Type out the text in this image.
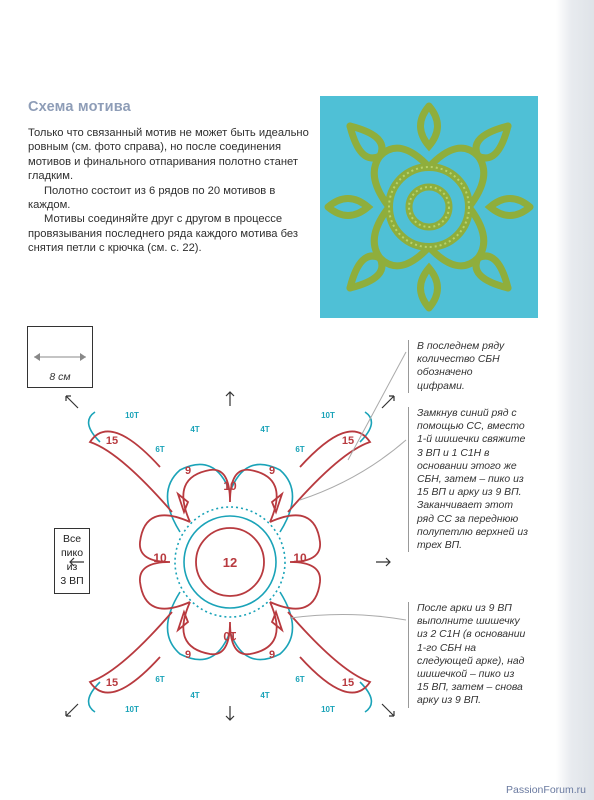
Схема мотива

Только что связанный мотив не может быть идеально ровным (см. фото справа), но после соединения мотивов и финального отпаривания полотно станет гладким.

Полотно состоит из 6 рядов по 20 мотивов в каждом.

Мотивы соединяйте друг с другом в процессе провязывания последнего ряда каждого мотива без снятия петли с крючка (см. с. 22).

8 см
Все
пико
из
3 ВП
12
10
10
10	10
9	9
9	9
15	15
15	15
4Т	4Т
4Т	4Т
6Т	6Т
6Т	6Т
10Т	10Т
10Т	10Т
В последнем ряду количество СБН обозначено цифрами.
Замкнув синий ряд с помощью СС, вместо 1-й шишечки свяжите 3 ВП и 1 С1Н в основании этого же СБН, затем – пико из 15 ВП и арку из 9 ВП. Заканчивает этот ряд СС за переднюю полупетлю верхней из трех ВП.
После арки из 9 ВП выполните шишечку из 2 С1Н (в основании 1-го СБН на следующей арке), над шишечкой – пико из 15 ВП, затем – снова арку из 9 ВП.
PassionForum.ru
